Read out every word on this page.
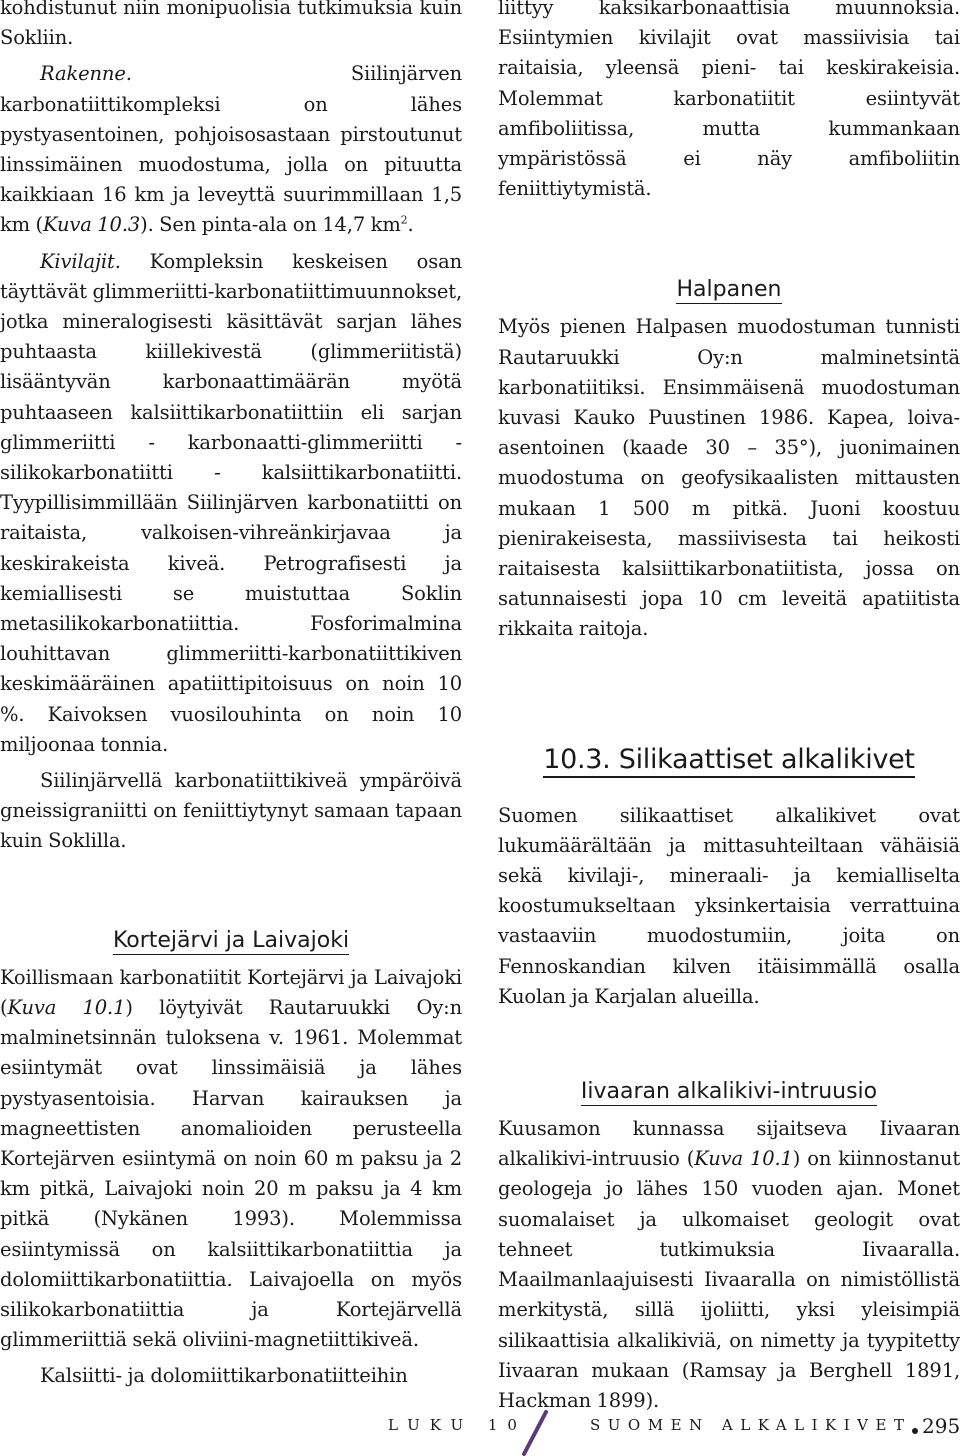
kohdistunut niin monipuolisia tutkimuksia kuin Sokliin.

Rakenne. Siilinjärven karbonatiittikompleksi on lähes pystyasentoinen, pohjoisosastaan pirstoutunut linssimäinen muodostuma, jolla on pituutta kaikkiaan 16 km ja leveyttä suurimmillaan 1,5 km (Kuva 10.3). Sen pinta-ala on 14,7 $km^2$.

Kivilajit. Kompleksin keskeisen osan täyttävät glimmeriitti-karbonatiittimuunnokset, jotka mineralogisesti käsittävät sarjan lähes puhtaasta kiillekivestä (glimmeriitistä) lisääntyvän karbonaattimäärän myötä puhtaaseen kalsiittikarbonatiittiin eli sarjan glimmeriitti - karbonaatti-glimmeriitti - silikokarbonatiitti - kalsiittikarbonatiitti. Tyypillisimmillään Siilinjärven karbonatiitti on raitaista, valkoisen-vihreänkirjavaa ja keskirakeista kiveä. Petrografisesti ja kemiallisesti se muistuttaa Soklin metasilikokarbonatiittia. Fosforimalmina louhittavan glimmeriitti-karbonatiittikiven keskimääräinen apatiittipitoisuus on noin 10 %. Kaivoksen vuosilouhinta on noin 10 miljoonaa tonnia.

Siilinjärvellä karbonatiittikiveä ympäröivä gneissigraniitti on feniittiytynyt samaan tapaan kuin Soklilla.

Kortejärvi ja Laivajoki

Koillismaan karbonatiitit Kortejärvi ja Laivajoki (Kuva 10.1) löytyivät Rautaruukki Oy:n malminetsinnän tuloksena v. 1961. Molemmat esiintymät ovat linssimäisiä ja lähes pystyasentoisia. Harvan kairauksen ja magneettisten anomalioiden perusteella Kortejärven esiintymä on noin 60 m paksu ja 2 km pitkä, Laivajoki noin 20 m paksu ja 4 km pitkä (Nykänen 1993). Molemmissa esiintymissä on kalsiittikarbonatiittia ja dolomiittikarbonatiittia. Laivajoella on myös silikokarbonatiittia ja Kortejärvellä glimmeriittiä sekä oliviini-magnetiittikiveä.

Kalsiitti- ja dolomiittikarbonatiitteihin

liittyy kaksikarbonaattisia muunnoksia. Esiintymien kivilajit ovat massiivisia tai raitaisia, yleensä pieni- tai keskirakeisia. Molemmat karbonatiitit esiintyvät amfiboliitissa, mutta kummankaan ympäristössä ei näy amfiboliitin feniittiytymistä.

Halpanen

Myös pienen Halpasen muodostuman tunnisti Rautaruukki Oy:n malminetsintä karbonatiitiksi. Ensimmäisenä muodostuman kuvasi Kauko Puustinen 1986. Kapea, loiva-asentoinen (kaade 30 – 35°), juonimainen muodostuma on geofysikaalisten mittausten mukaan 1 500 m pitkä. Juoni koostuu pienirakeisesta, massiivisesta tai heikosti raitaisesta kalsiittikarbonatiitista, jossa on satunnaisesti jopa 10 cm leveitä apatiitista rikkaita raitoja.

10.3. Silikaattiset alkalikivet

Suomen silikaattiset alkalikivet ovat lukumäärältään ja mittasuhteiltaan vähäisiä sekä kivilaji-, mineraali- ja kemialliselta koostumukseltaan yksinkertaisia verrattuina vastaaviin muodostumiin, joita on Fennoskandian kilven itäisimmällä osalla Kuolan ja Karjalan alueilla.

Iivaaran alkalikivi-intruusio

Kuusamon kunnassa sijaitseva Iivaaran alkalikivi-intruusio (Kuva 10.1) on kiinnostanut geologeja jo lähes 150 vuoden ajan. Monet suomalaiset ja ulkomaiset geologit ovat tehneet tutkimuksia Iivaaralla. Maailmanlaajuisesti Iivaaralla on nimistöllistä merkitystä, sillä ijoliitti, yksi yleisimpiä silikaattisia alkalikiviä, on nimetty ja tyypitetty Iivaaran mukaan (Ramsay ja Berghell 1891, Hackman 1899).

LUKU 10	SUOMEN ALKALIKIVET 295
